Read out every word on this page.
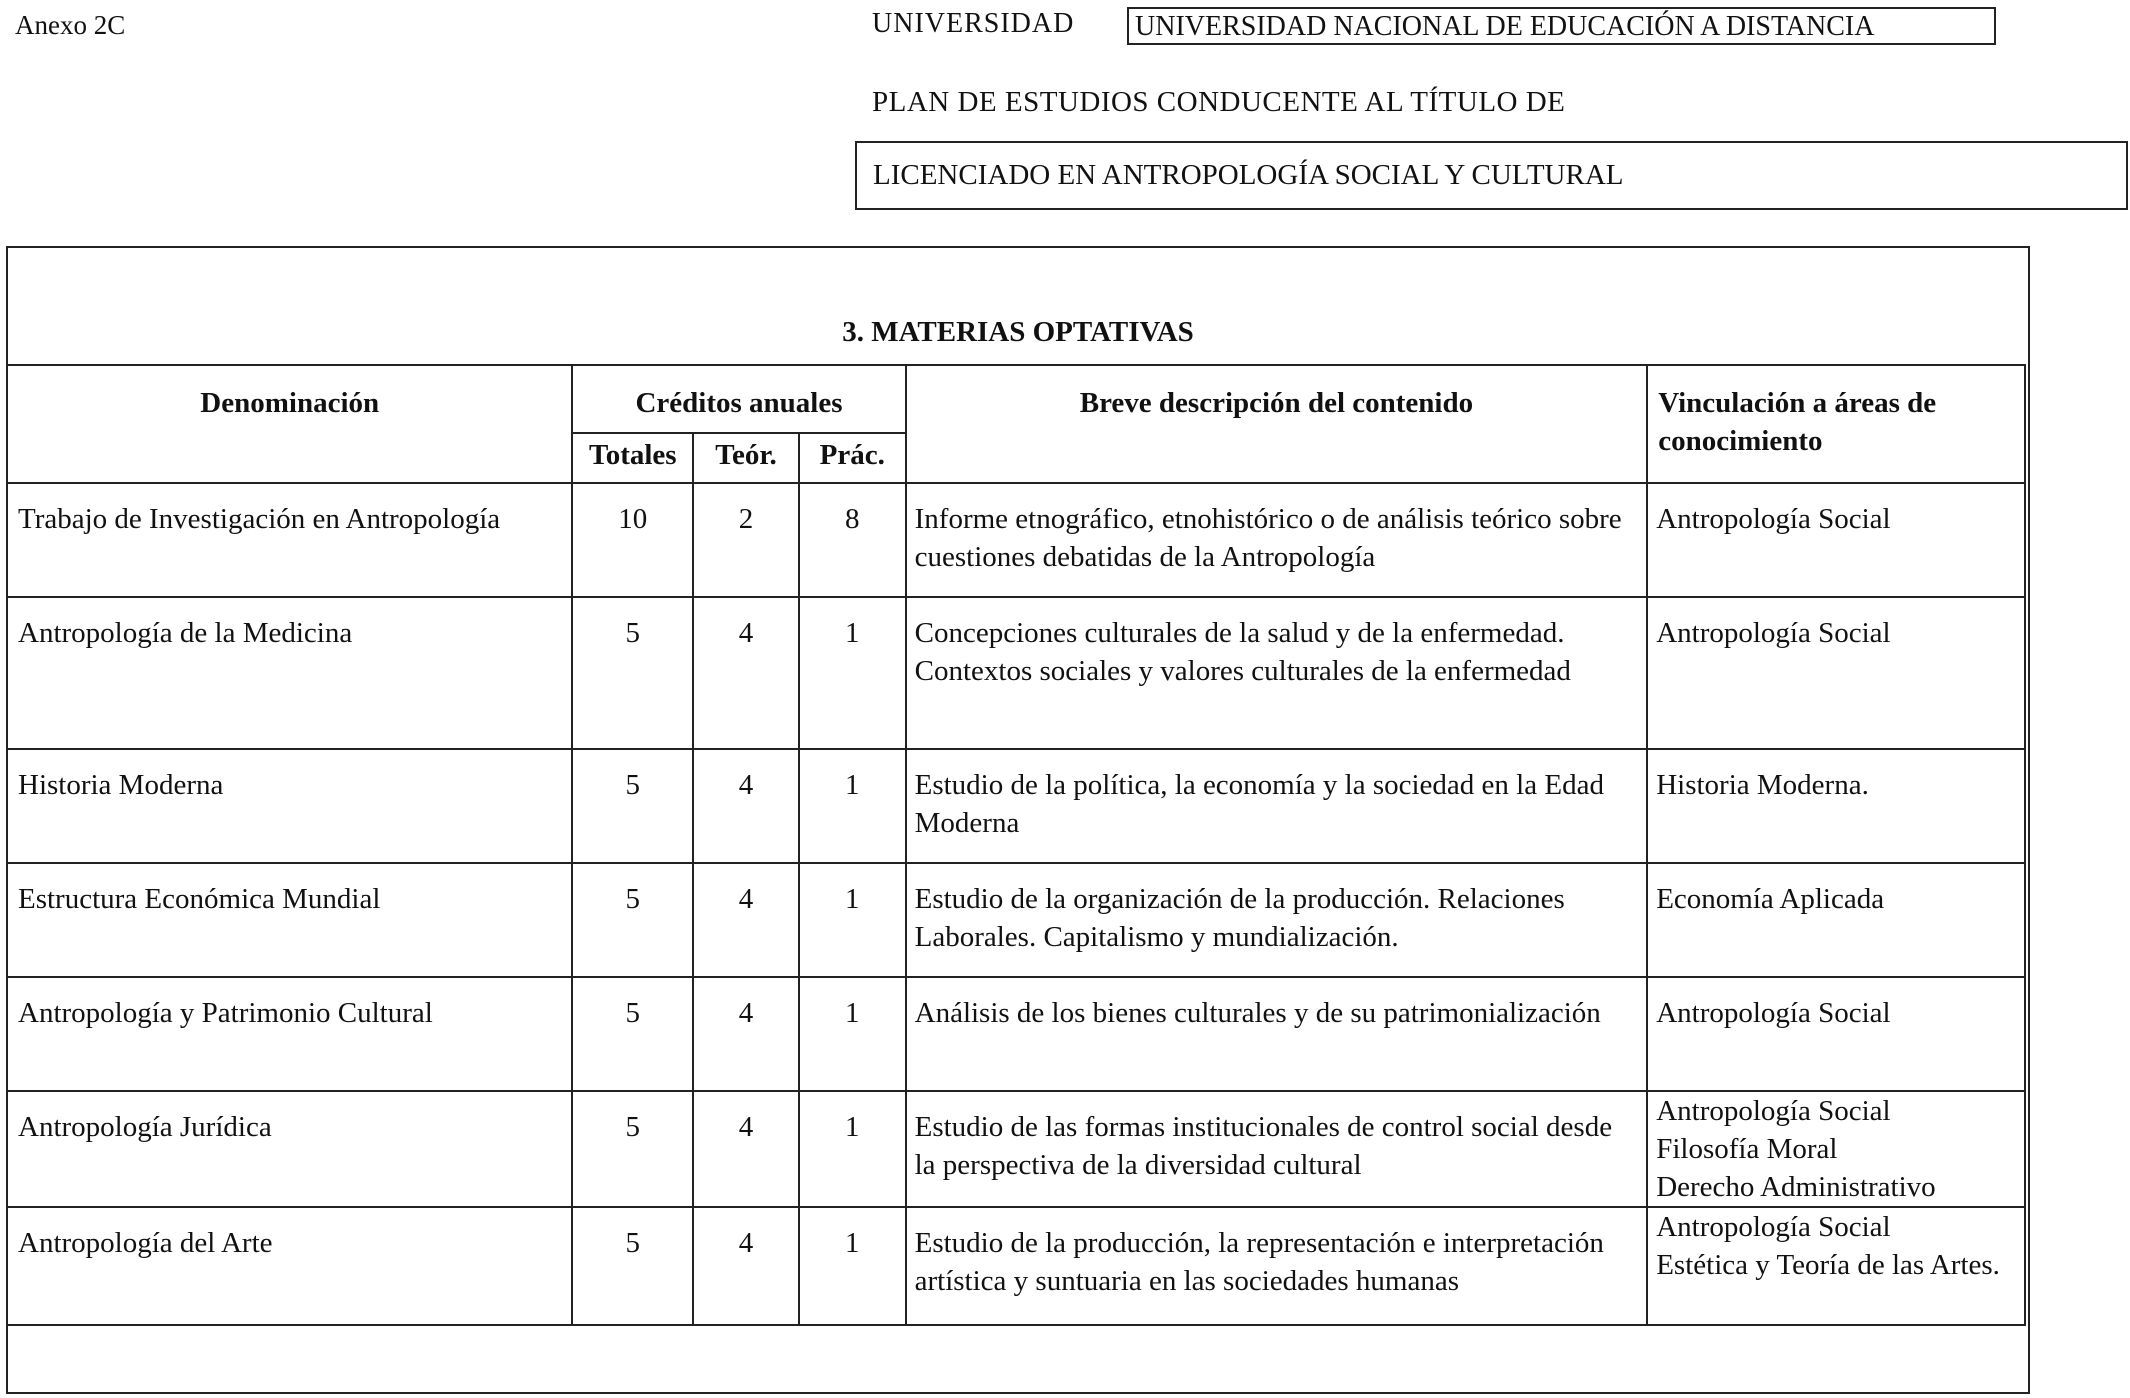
Anexo 2C	UNIVERSIDAD UNIVERSIDAD NACIONAL DE EDUCACIÓN A DISTANCIA
PLAN DE ESTUDIOS CONDUCENTE AL TÍTULO DE
LICENCIADO EN ANTROPOLOGÍA SOCIAL Y CULTURAL
3. MATERIAS OPTATIVAS
Denominación	Créditos anuales			Breve descripción del contenido	Vinculación a áreas de conocimiento
	Totales	Teór.	Prác.		
Trabajo de Investigación en Antropología	10	2	8	Informe etnográfico, etnohistórico o de análisis teórico sobre cuestiones debatidas de la Antropología	Antropología Social

Antropología de la Medicina	5	4	1	Concepciones culturales de la salud y de la enfermedad. Contextos sociales y valores culturales de la enfermedad	Antropología Social

Historia Moderna	5	4	1	Estudio de la política, la economía y la sociedad en la Edad Moderna	Historia Moderna.

Estructura Económica Mundial	5	4	1	Estudio de la organización de la producción. Relaciones Laborales. Capitalismo y mundialización.	Economía Aplicada

Antropología y Patrimonio Cultural	5	4	1	Análisis de los bienes culturales y de su patrimonialización	Antropología Social

Antropología Jurídica	5	4	1	Estudio de las formas institucionales de control social desde la perspectiva de la diversidad cultural	Antropología Social
Filosofía Moral
Derecho Administrativo

Antropología del Arte	5	4	1	Estudio de la producción, la representación e interpretación artística y suntuaria en las sociedades humanas	Antropología Social
Estética y Teoría de las Artes.
